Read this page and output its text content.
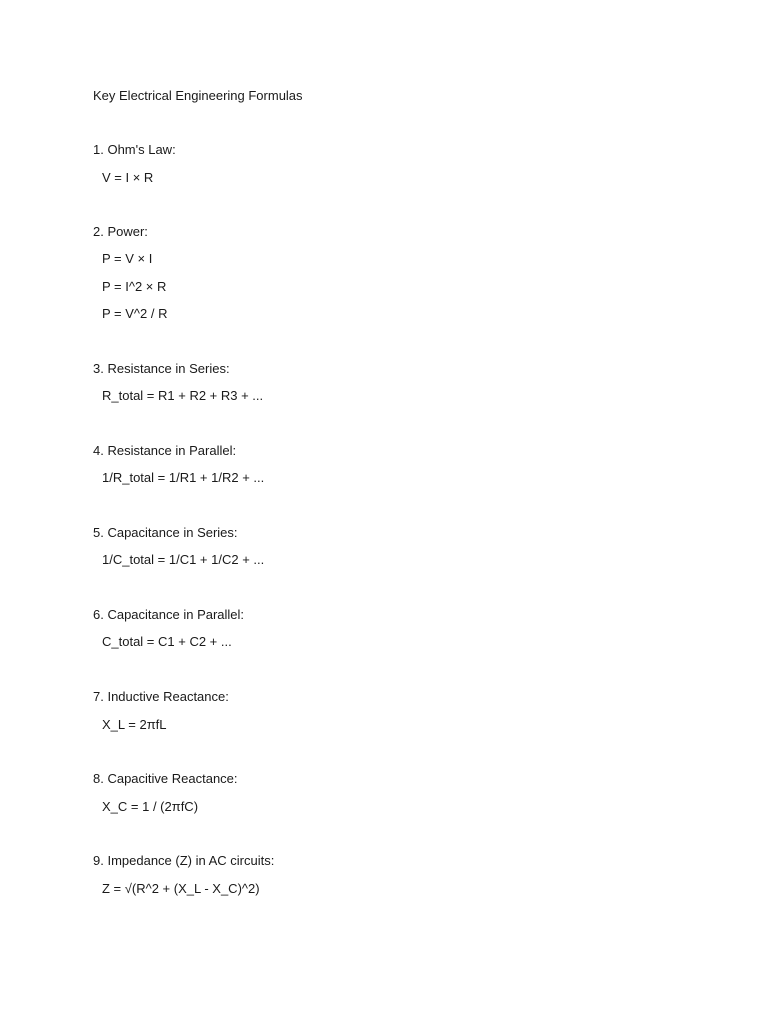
Key Electrical Engineering Formulas
1. Ohm's Law:
V = I × R
2. Power:
P = V × I
P = I^2 × R
P = V^2 / R
3. Resistance in Series:
R_total = R1 + R2 + R3 + ...
4. Resistance in Parallel:
1/R_total = 1/R1 + 1/R2 + ...
5. Capacitance in Series:
1/C_total = 1/C1 + 1/C2 + ...
6. Capacitance in Parallel:
C_total = C1 + C2 + ...
7. Inductive Reactance:
X_L = 2πfL
8. Capacitive Reactance:
X_C = 1 / (2πfC)
9. Impedance (Z) in AC circuits:
Z = √(R^2 + (X_L - X_C)^2)
